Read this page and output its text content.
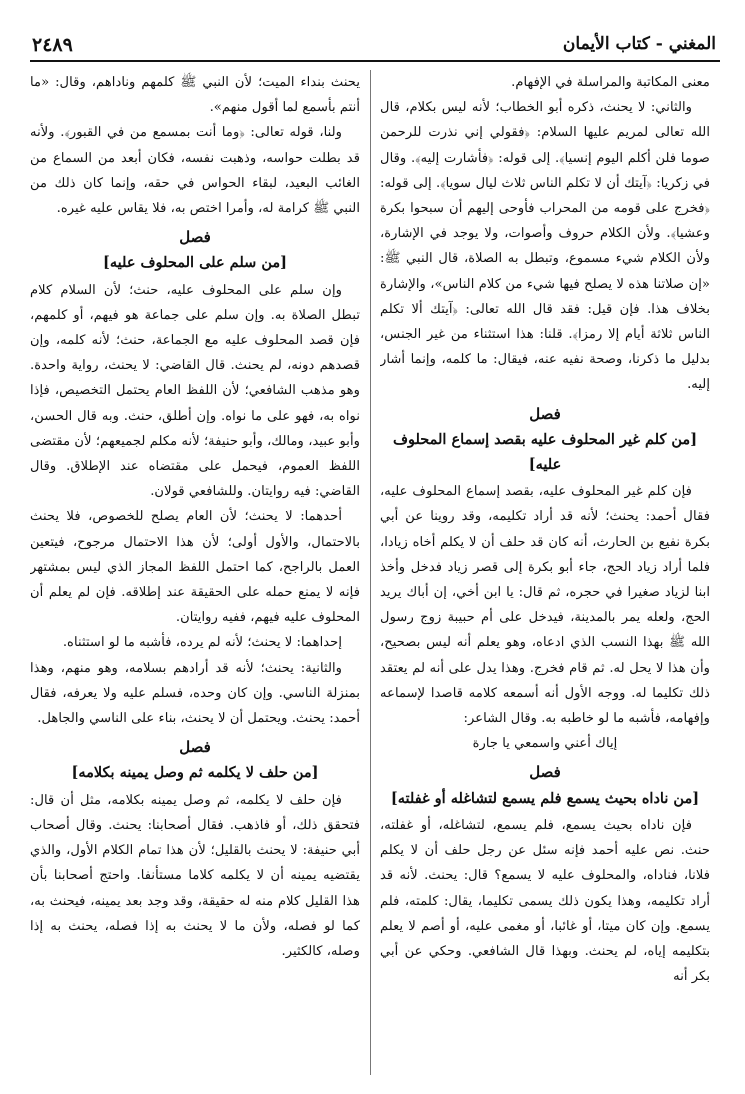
٢٤٨٩	المغني - كتاب الأيمان

معنى المكاتبة والمراسلة في الإفهام.

والثاني: لا يحنث، ذكره أبو الخطاب؛ لأنه ليس بكلام، قال الله تعالى لمريم عليها السلام: ﴿فقولي إني نذرت للرحمن صوما فلن أكلم اليوم إنسيا﴾. إلى قوله: ﴿فأشارت إليه﴾. وقال في زكريا: ﴿آيتك أن لا تكلم الناس ثلاث ليال سويا﴾. إلى قوله: ﴿فخرج على قومه من المحراب فأوحى إليهم أن سبحوا بكرة وعشيا﴾. ولأن الكلام حروف وأصوات، ولا يوجد في الإشارة، ولأن الكلام شيء مسموع، وتبطل به الصلاة، قال النبي ﷺ: «إن صلاتنا هذه لا يصلح فيها شيء من كلام الناس»، والإشارة بخلاف هذا. فإن قيل: فقد قال الله تعالى: ﴿آيتك ألا تكلم الناس ثلاثة أيام إلا رمزا﴾. قلنا: هذا استثناء من غير الجنس، بدليل ما ذكرنا، وصحة نفيه عنه، فيقال: ما كلمه، وإنما أشار إليه.

فصل

[من كلم غير المحلوف عليه بقصد إسماع المحلوف عليه]

فإن كلم غير المحلوف عليه، بقصد إسماع المحلوف عليه، فقال أحمد: يحنث؛ لأنه قد أراد تكليمه، وقد روينا عن أبي بكرة نفيع بن الحارث، أنه كان قد حلف أن لا يكلم أخاه زيادا، فلما أراد زياد الحج، جاء أبو بكرة إلى قصر زياد فدخل وأخذ ابنا لزياد صغيرا في حجره، ثم قال: يا ابن أخي، إن أباك يريد الحج، ولعله يمر بالمدينة، فيدخل على أم حبيبة زوج رسول الله ﷺ بهذا النسب الذي ادعاه، وهو يعلم أنه ليس بصحيح، وأن هذا لا يحل له. ثم قام فخرج. وهذا يدل على أنه لم يعتقد ذلك تكليما له. ووجه الأول أنه أسمعه كلامه قاصدا لإسماعه وإفهامه، فأشبه ما لو خاطبه به. وقال الشاعر:

إياك أعني واسمعي يا جارة

فصل

[من ناداه بحيث يسمع فلم يسمع لتشاغله أو غفلته]

فإن ناداه بحيث يسمع، فلم يسمع، لتشاغله، أو غفلته، حنث. نص عليه أحمد فإنه سئل عن رجل حلف أن لا يكلم فلانا، فناداه، والمحلوف عليه لا يسمع؟ قال: يحنث. لأنه قد أراد تكليمه، وهذا يكون ذلك يسمى تكليما، يقال: كلمته، فلم يسمع. وإن كان ميتا، أو غائبا، أو مغمى عليه، أو أصم لا يعلم بتكليمه إياه، لم يحنث. وبهذا قال الشافعي. وحكي عن أبي بكر أنه

يحنث بنداء الميت؛ لأن النبي ﷺ كلمهم وناداهم، وقال: «ما أنتم بأسمع لما أقول منهم».

ولنا، قوله تعالى: ﴿وما أنت بمسمع من في القبور﴾. ولأنه قد بطلت حواسه، وذهبت نفسه، فكان أبعد من السماع من الغائب البعيد، لبقاء الحواس في حقه، وإنما كان ذلك من النبي ﷺ كرامة له، وأمرا اختص به، فلا يقاس عليه غيره.

فصل

[من سلم على المحلوف عليه]

وإن سلم على المحلوف عليه، حنث؛ لأن السلام كلام تبطل الصلاة به. وإن سلم على جماعة هو فيهم، أو كلمهم، فإن قصد المحلوف عليه مع الجماعة، حنث؛ لأنه كلمه، وإن قصدهم دونه، لم يحنث. قال القاضي: لا يحنث، رواية واحدة. وهو مذهب الشافعي؛ لأن اللفظ العام يحتمل التخصيص، فإذا نواه به، فهو على ما نواه. وإن أطلق، حنث. وبه قال الحسن، وأبو عبيد، ومالك، وأبو حنيفة؛ لأنه مكلم لجميعهم؛ لأن مقتضى اللفظ العموم، فيحمل على مقتضاه عند الإطلاق. وقال القاضي: فيه روايتان. وللشافعي قولان.

أحدهما: لا يحنث؛ لأن العام يصلح للخصوص، فلا يحنث بالاحتمال، والأول أولى؛ لأن هذا الاحتمال مرجوح، فيتعين العمل بالراجح، كما احتمل اللفظ المجاز الذي ليس بمشتهر فإنه لا يمنع حمله على الحقيقة عند إطلاقه. فإن لم يعلم أن المحلوف عليه فيهم، ففيه روايتان.

إحداهما: لا يحنث؛ لأنه لم يرده، فأشبه ما لو استثناه.

والثانية: يحنث؛ لأنه قد أرادهم بسلامه، وهو منهم، وهذا بمنزلة الناسي. وإن كان وحده، فسلم عليه ولا يعرفه، فقال أحمد: يحنث. ويحتمل أن لا يحنث، بناء على الناسي والجاهل.

فصل

[من حلف لا يكلمه ثم وصل يمينه بكلامه]

فإن حلف لا يكلمه، ثم وصل يمينه بكلامه، مثل أن قال: فتحقق ذلك، أو فاذهب. فقال أصحابنا: يحنث. وقال أصحاب أبي حنيفة: لا يحنث بالقليل؛ لأن هذا تمام الكلام الأول، والذي يقتضيه يمينه أن لا يكلمه كلاما مستأنفا. واحتج أصحابنا بأن هذا القليل كلام منه له حقيقة، وقد وجد بعد يمينه، فيحنث به، كما لو فصله، ولأن ما لا يحنث به إذا فصله، يحنث به إذا وصله، كالكثير.
